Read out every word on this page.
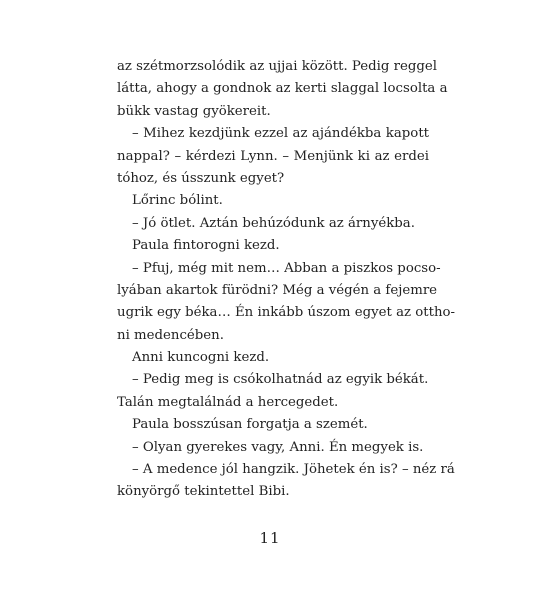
az szétmorzsolódik az ujjai között. Pedig reggel
látta, ahogy a gondnok az kerti slaggal locsolta a
bükk vastag gyökereit.
– Mihez kezdjünk ezzel az ajándékba kapott
nappal? – kérdezi Lynn. – Menjünk ki az erdei
tóhoz, és ússzunk egyet?
Lőrinc bólint.
– Jó ötlet. Aztán behúzódunk az árnyékba.
Paula fintorogni kezd.
– Pfuj, még mit nem… Abban a piszkos pocso-
lyában akartok fürödni? Még a végén a fejemre
ugrik egy béka… Én inkább úszom egyet az ottho-
ni medencében.
Anni kuncogni kezd.
– Pedig meg is csókolhatnád az egyik békát.
Talán megtalálnád a hercegedet.
Paula bosszúsan forgatja a szemét.
– Olyan gyerekes vagy, Anni. Én megyek is.
– A medence jól hangzik. Jöhetek én is? – néz rá
könyörgő tekintettel Bibi.
11
